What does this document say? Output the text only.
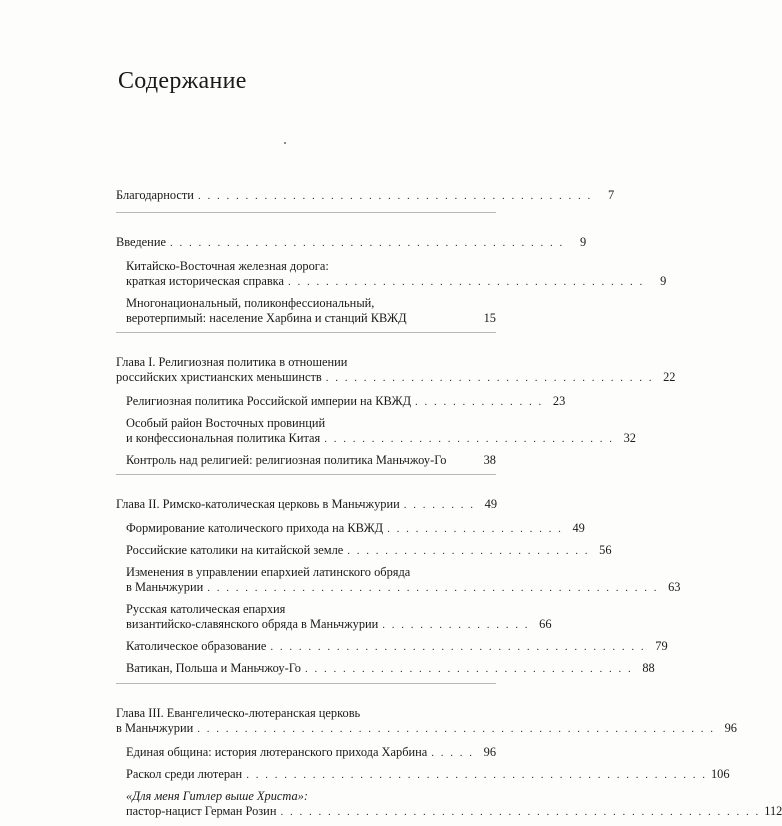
Содержание
Благодарности . . . . . . . . . . . . . . . . . . . . . . . . . . . . . . . . . . . . . . . . . .	7
Введение . . . . . . . . . . . . . . . . . . . . . . . . . . . . . . . . . . . . . . . . . .	9
Китайско-Восточная железная дорога:
краткая историческая справка . . . . . . . . . . . . . . . . . . . . . . . . . . . . . . . . . . . . . .	9
Многонациональный, поликонфессиональный,
веротерпимый: население Харбина и станций КВЖД	15
Глава I. Религиозная политика в отношении
российских христианских меньшинств . . . . . . . . . . . . . . . . . . . . . . . . . . . . . . . . . . . 22
Религиозная политика Российской империи на КВЖД . . . . . . . . . . . . . . 23
Особый район Восточных провинций
и конфессиональная политика Китая . . . . . . . . . . . . . . . . . . . . . . . . . . . . . . . 32
Контроль над религией: религиозная политика Маньчжоу-Го	38
Глава II. Римско-католическая церковь в Маньчжурии . . . . . . . . 49
Формирование католического прихода на КВЖД . . . . . . . . . . . . . . . . . . . 49
Российские католики на китайской земле . . . . . . . . . . . . . . . . . . . . . . . . . . 56
Изменения в управлении епархией латинского обряда
в Маньчжурии . . . . . . . . . . . . . . . . . . . . . . . . . . . . . . . . . . . . . . . . . . . . . . . . 63
Русская католическая епархия
византийско-славянского обряда в Маньчжурии . . . . . . . . . . . . . . . . 66
Католическое образование . . . . . . . . . . . . . . . . . . . . . . . . . . . . . . . . . . . . . . . . 79
Ватикан, Польша и Маньчжоу-Го . . . . . . . . . . . . . . . . . . . . . . . . . . . . . . . . . . . 88
Глава III. Евангелическо-лютеранская церковь
в Маньчжурии . . . . . . . . . . . . . . . . . . . . . . . . . . . . . . . . . . . . . . . . . . . . . . . . . . . . . . . 96
Единая община: история лютеранского прихода Харбина . . . . . 96
Раскол среди лютеран . . . . . . . . . . . . . . . . . . . . . . . . . . . . . . . . . . . . . . . . . . . . . . . . . 106
«Для меня Гитлер выше Христа»:
пастор-нацист Герман Розин . . . . . . . . . . . . . . . . . . . . . . . . . . . . . . . . . . . . . . . . . . . . . . . . . . . 112
